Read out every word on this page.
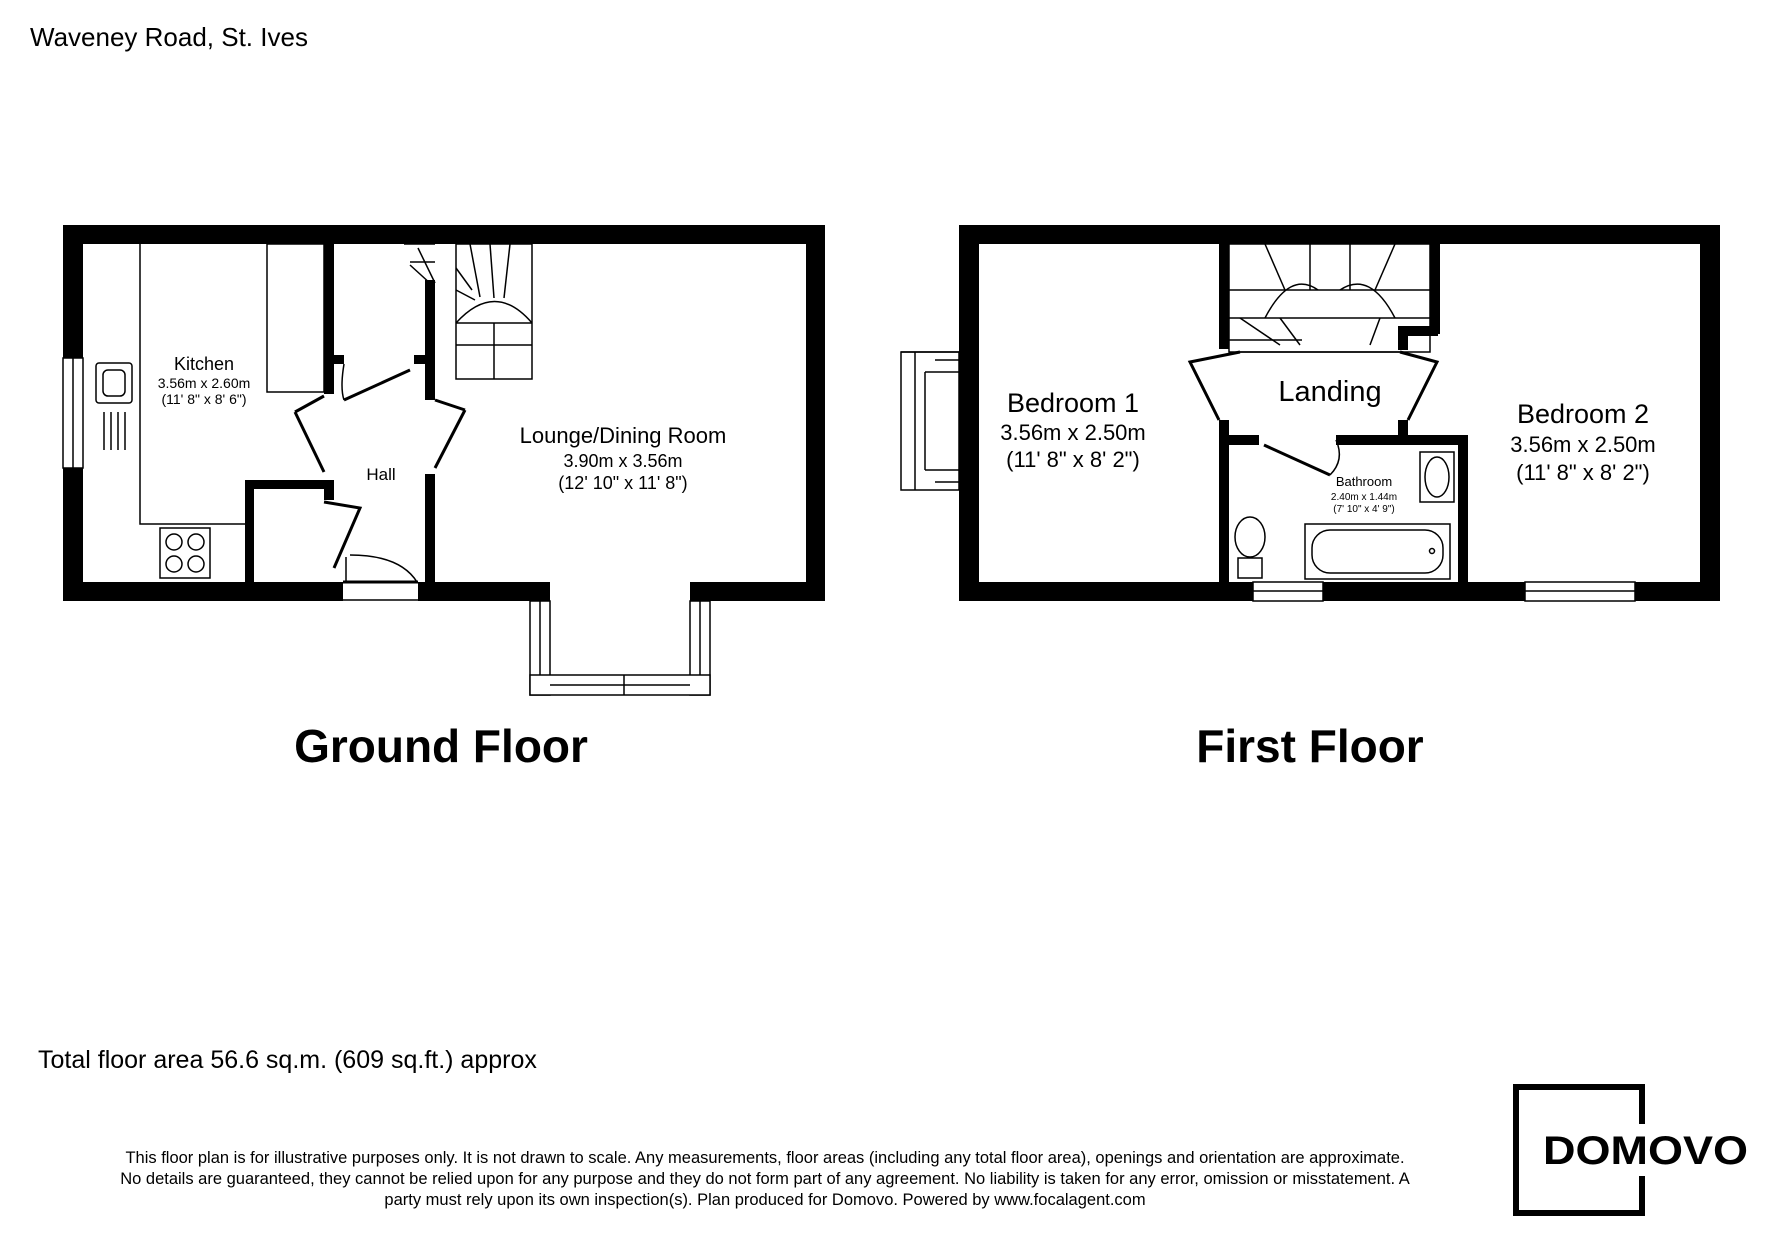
Waveney Road, St. Ives
Kitchen
3.56m x 2.60m
(11' 8" x 8' 6")
Hall
Lounge/Dining Room
3.90m x 3.56m
(12' 10" x 11' 8")
Ground Floor
Bedroom 1
3.56m x 2.50m
(11' 8" x 8' 2")
Landing
Bathroom
2.40m x 1.44m
(7' 10" x 4' 9")
Bedroom 2
3.56m x 2.50m
(11' 8" x 8' 2")
First Floor
Total floor area 56.6 sq.m. (609 sq.ft.) approx
This floor plan is for illustrative purposes only. It is not drawn to scale. Any measurements, floor areas (including any total floor area), openings and orientation are approximate.
No details are guaranteed, they cannot be relied upon for any purpose and they do not form part of any agreement. No liability is taken for any error, omission or misstatement. A
party must rely upon its own inspection(s). Plan produced for Domovo. Powered by www.focalagent.com
DOMOVO
